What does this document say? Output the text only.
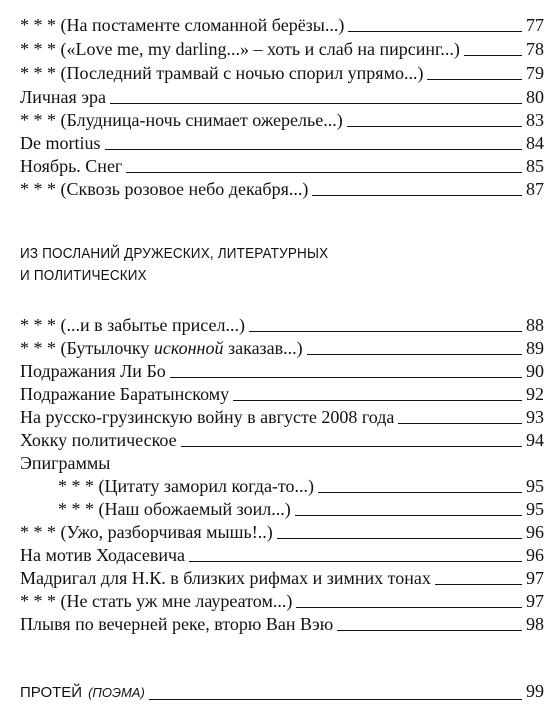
* * * (На постаменте сломанной берёзы...)	77
* * * («Love me, my darling...» – хоть и слаб на пирсинг...)	78
* * * (Последний трамвай с ночью спорил упрямо...)	79
Личная эра	80
* * * (Блудница-ночь снимает ожерелье...)	83
De mortius	84
Ноябрь. Снег	85
* * * (Сквозь розовое небо декабря...)	87
ИЗ ПОСЛАНИЙ ДРУЖЕСКИХ, ЛИТЕРАТУРНЫХ
И ПОЛИТИЧЕСКИХ
* * * (...и в забытье присел...)	88
* * * (Бутылочку исконной заказав...)	89
Подражания Ли Бо	90
Подражание Баратынскому	92
На русско-грузинскую войну в августе 2008 года	93
Хокку политическое	94
Эпиграммы
* * * (Цитату заморил когда-то...)	95
* * * (Наш обожаемый зоил...)	95
* * * (Ужо, разборчивая мышь!..)	96
На мотив Ходасевича	96
Мадригал для Н.К. в близких рифмах и зимних тонах	97
* * * (Не стать уж мне лауреатом...)	97
Плывя по вечерней реке, вторю Ван Вэю	98
ПРОТЕЙ (ПОЭМА)	99
